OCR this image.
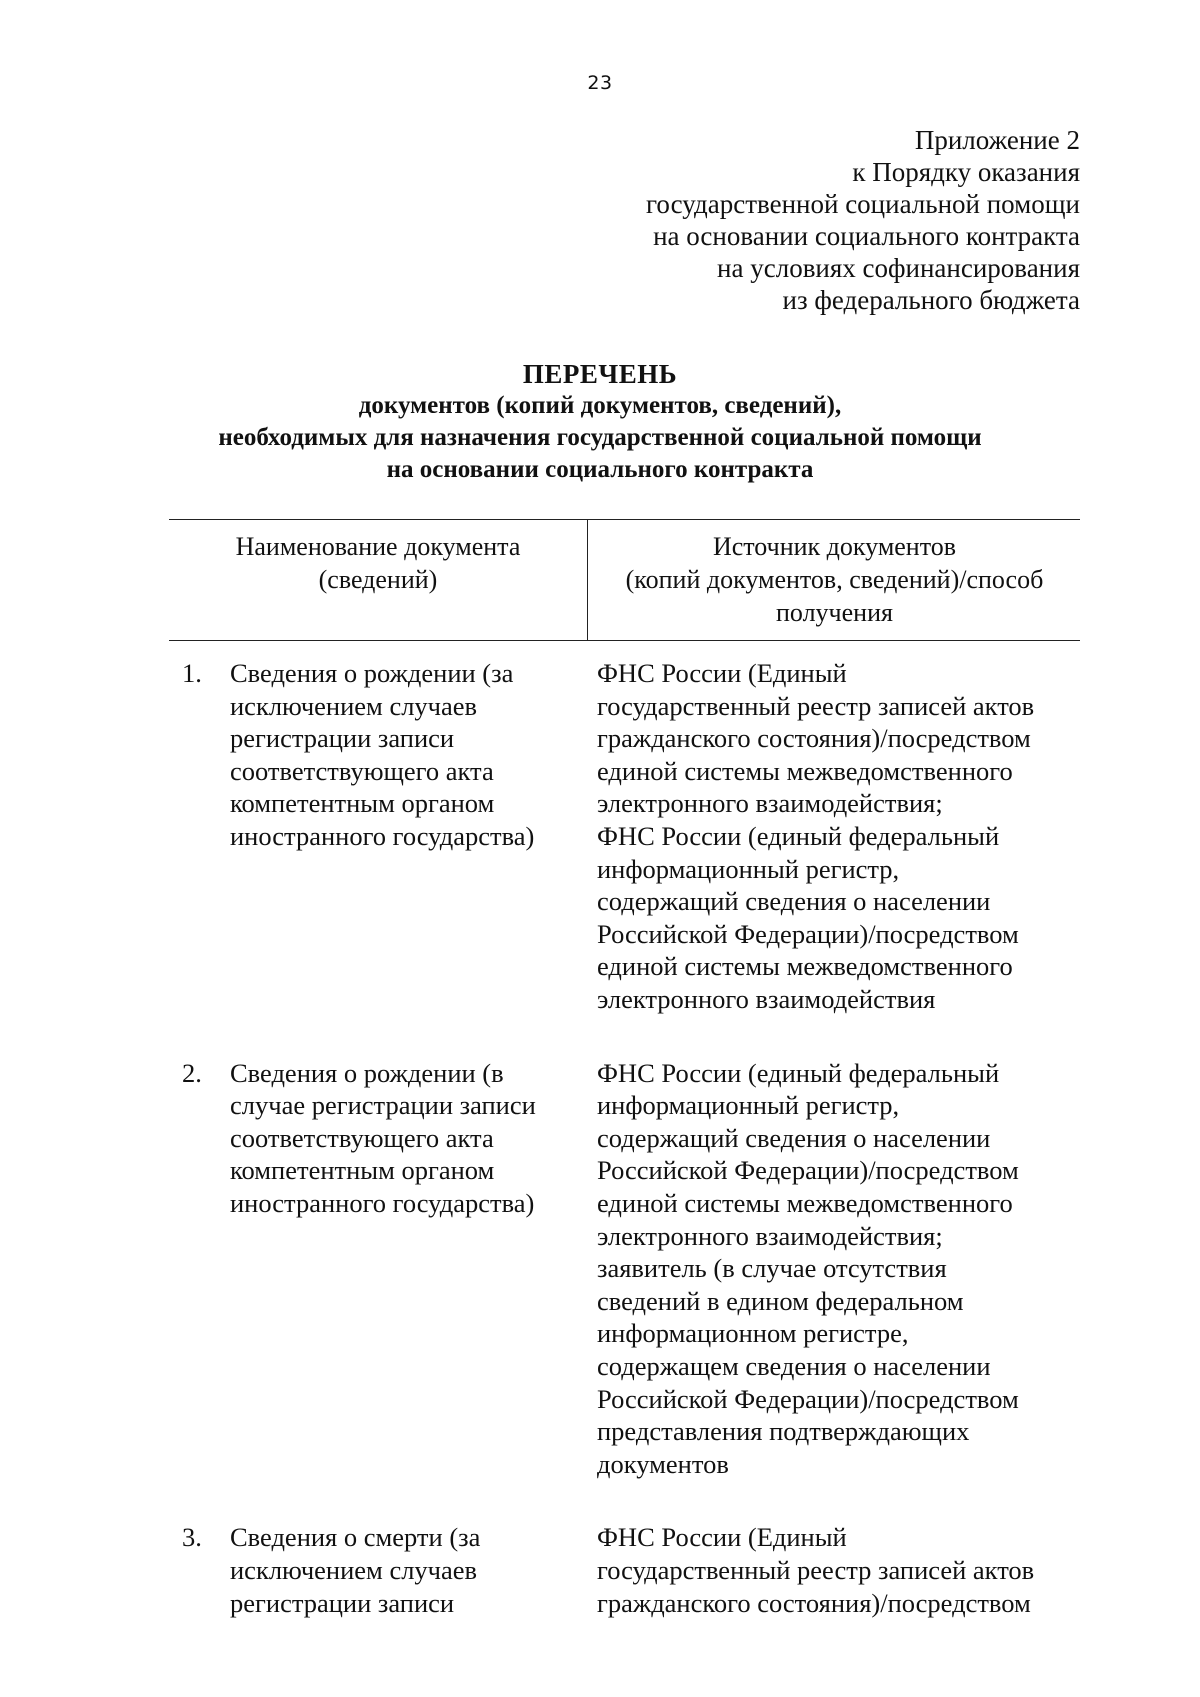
23
Приложение 2
к Порядку оказания
государственной социальной помощи
на основании социального контракта
на условиях софинансирования
из федерального бюджета
ПЕРЕЧЕНЬ
документов (копий документов, сведений),
необходимых для назначения государственной социальной помощи
на основании социального контракта
Наименование документа
(сведений)
Источник документов
(копий документов, сведений)/способ
получения
1. Сведения о рождении (за
исключением случаев
регистрации записи
соответствующего акта
компетентным органом
иностранного государства)
ФНС России (Единый
государственный реестр записей актов
гражданского состояния)/посредством
единой системы межведомственного
электронного взаимодействия;
ФНС России (единый федеральный
информационный регистр,
содержащий сведения о населении
Российской Федерации)/посредством
единой системы межведомственного
электронного взаимодействия
2. Сведения о рождении (в
случае регистрации записи
соответствующего акта
компетентным органом
иностранного государства)
ФНС России (единый федеральный
информационный регистр,
содержащий сведения о населении
Российской Федерации)/посредством
единой системы межведомственного
электронного взаимодействия;
заявитель (в случае отсутствия
сведений в едином федеральном
информационном регистре,
содержащем сведения о населении
Российской Федерации)/посредством
представления подтверждающих
документов
3. Сведения о смерти (за
исключением случаев
регистрации записи
ФНС России (Единый
государственный реестр записей актов
гражданского состояния)/посредством
